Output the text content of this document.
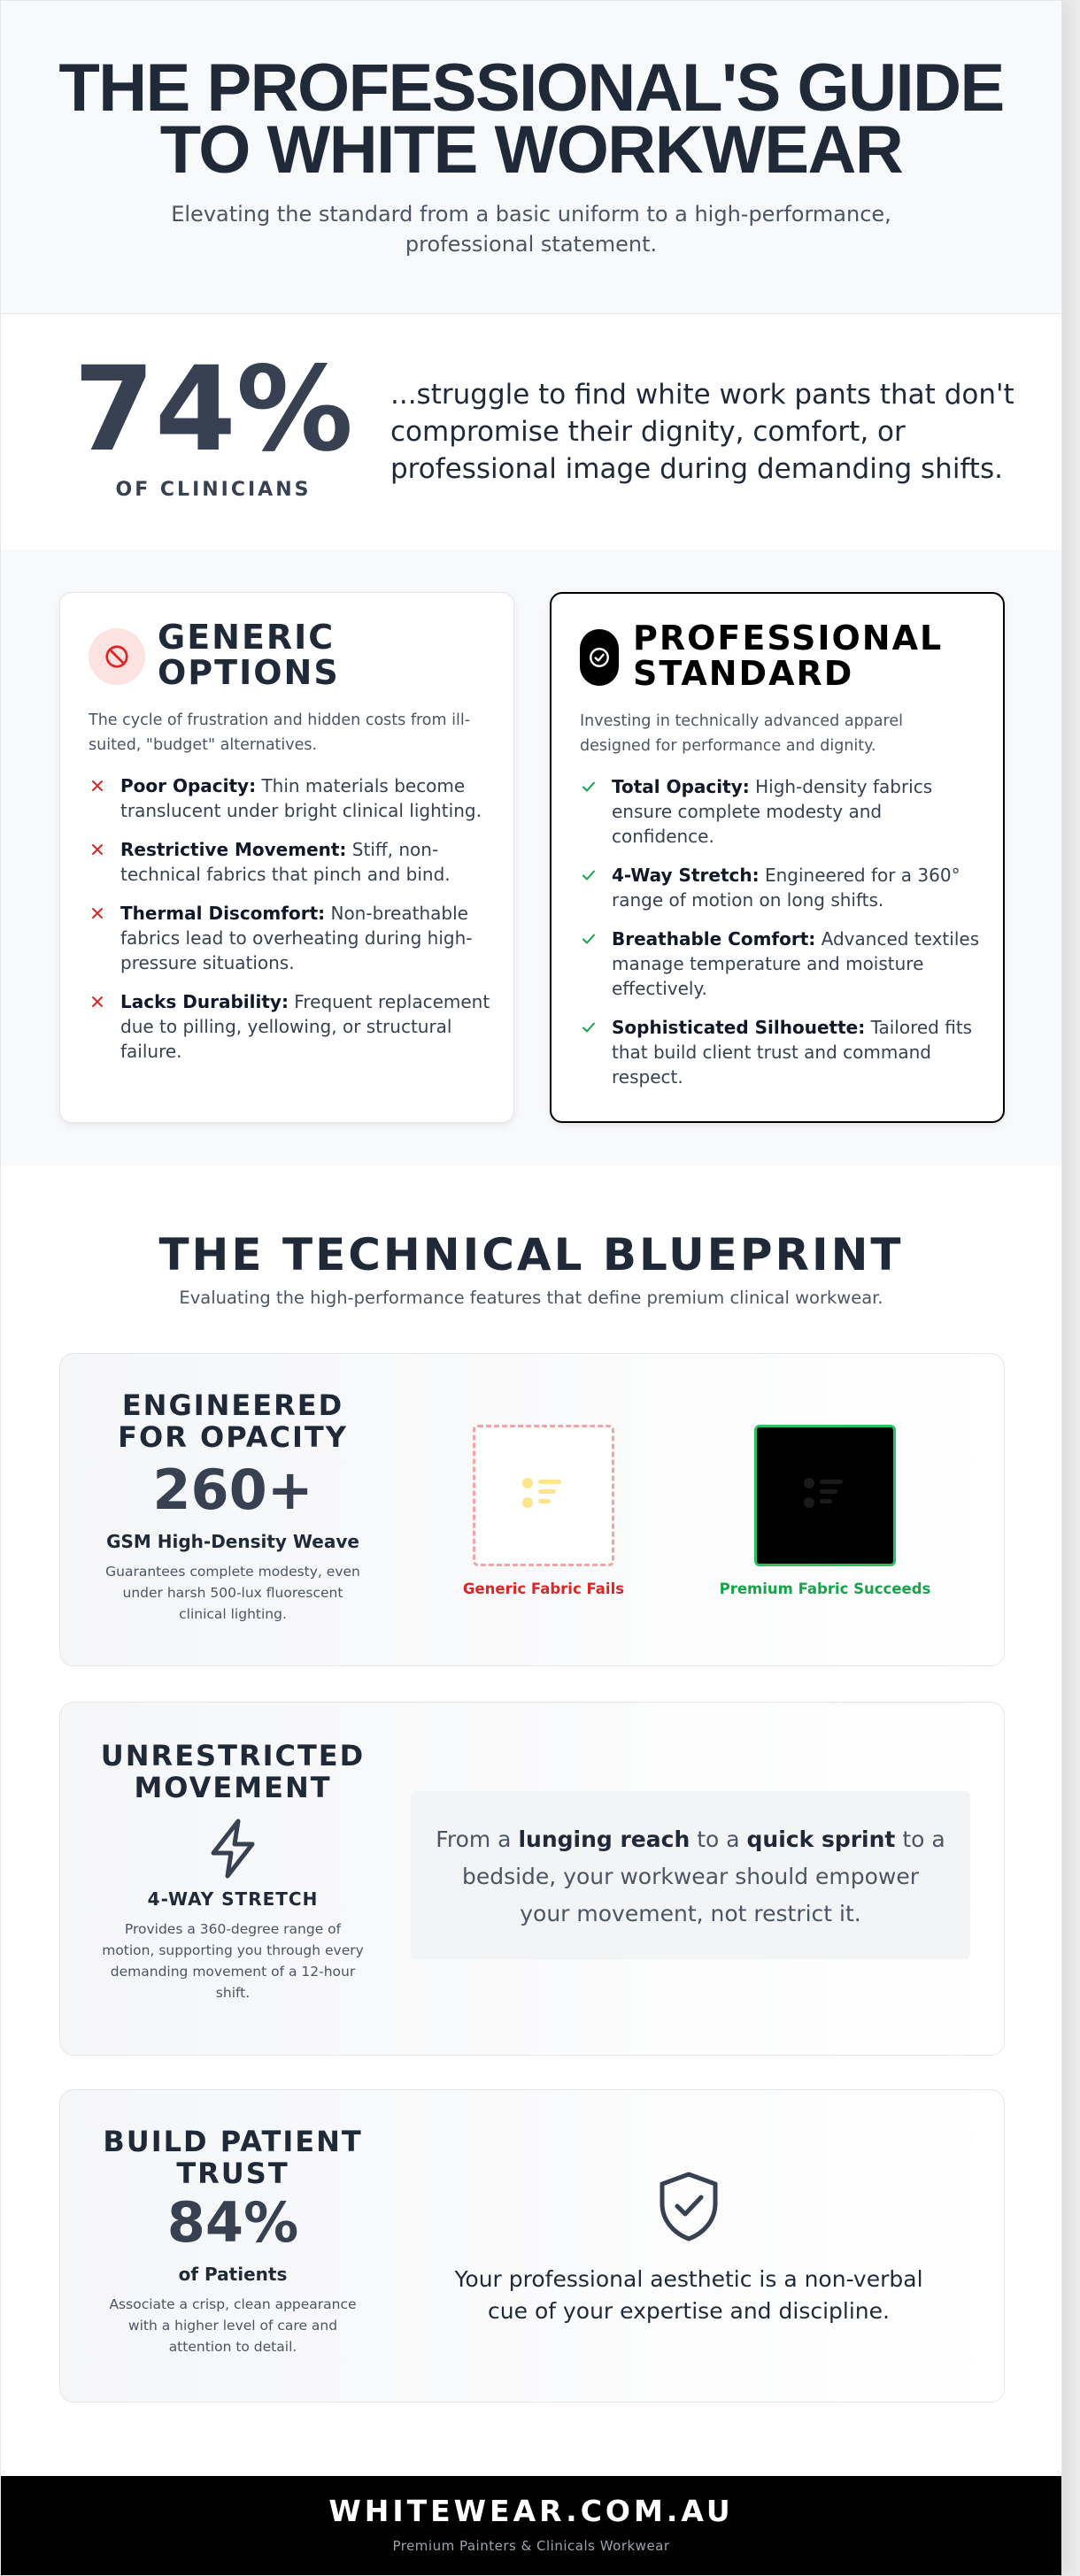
THE PROFESSIONAL'S GUIDE
TO WHITE WORKWEAR

Elevating the standard from a basic uniform to a high-performance, professional statement.

74%
OF CLINICIANS

...struggle to find white work pants that don't compromise their dignity, comfort, or professional image during demanding shifts.

GENERIC OPTIONS

The cycle of frustration and hidden costs from ill-suited, "budget" alternatives.

Poor Opacity: Thin materials become translucent under bright clinical lighting.
Restrictive Movement: Stiff, non-technical fabrics that pinch and bind.
Thermal Discomfort: Non-breathable fabrics lead to overheating during high-pressure situations.
Lacks Durability: Frequent replacement due to pilling, yellowing, or structural failure.
PROFESSIONAL STANDARD

Investing in technically advanced apparel designed for performance and dignity.

Total Opacity: High-density fabrics ensure complete modesty and confidence.
4-Way Stretch: Engineered for a 360° range of motion on long shifts.
Breathable Comfort: Advanced textiles manage temperature and moisture effectively.
Sophisticated Silhouette: Tailored fits that build client trust and command respect.
THE TECHNICAL BLUEPRINT

Evaluating the high-performance features that define premium clinical workwear.

ENGINEERED FOR OPACITY
260+
GSM High-Density Weave
Guarantees complete modesty, even under harsh 500-lux fluorescent clinical lighting.
Generic Fabric Fails	Premium Fabric Succeeds
UNRESTRICTED MOVEMENT
4-WAY STRETCH
Provides a 360-degree range of motion, supporting you through every demanding movement of a 12-hour shift.
From a lunging reach to a quick sprint to a bedside, your workwear should empower your movement, not restrict it.
BUILD PATIENT TRUST
84%
of Patients
Associate a crisp, clean appearance with a higher level of care and attention to detail.

Your professional aesthetic is a non-verbal cue of your expertise and discipline.

WHITEWEAR.COM.AU
Premium Painters & Clinicals Workwear
